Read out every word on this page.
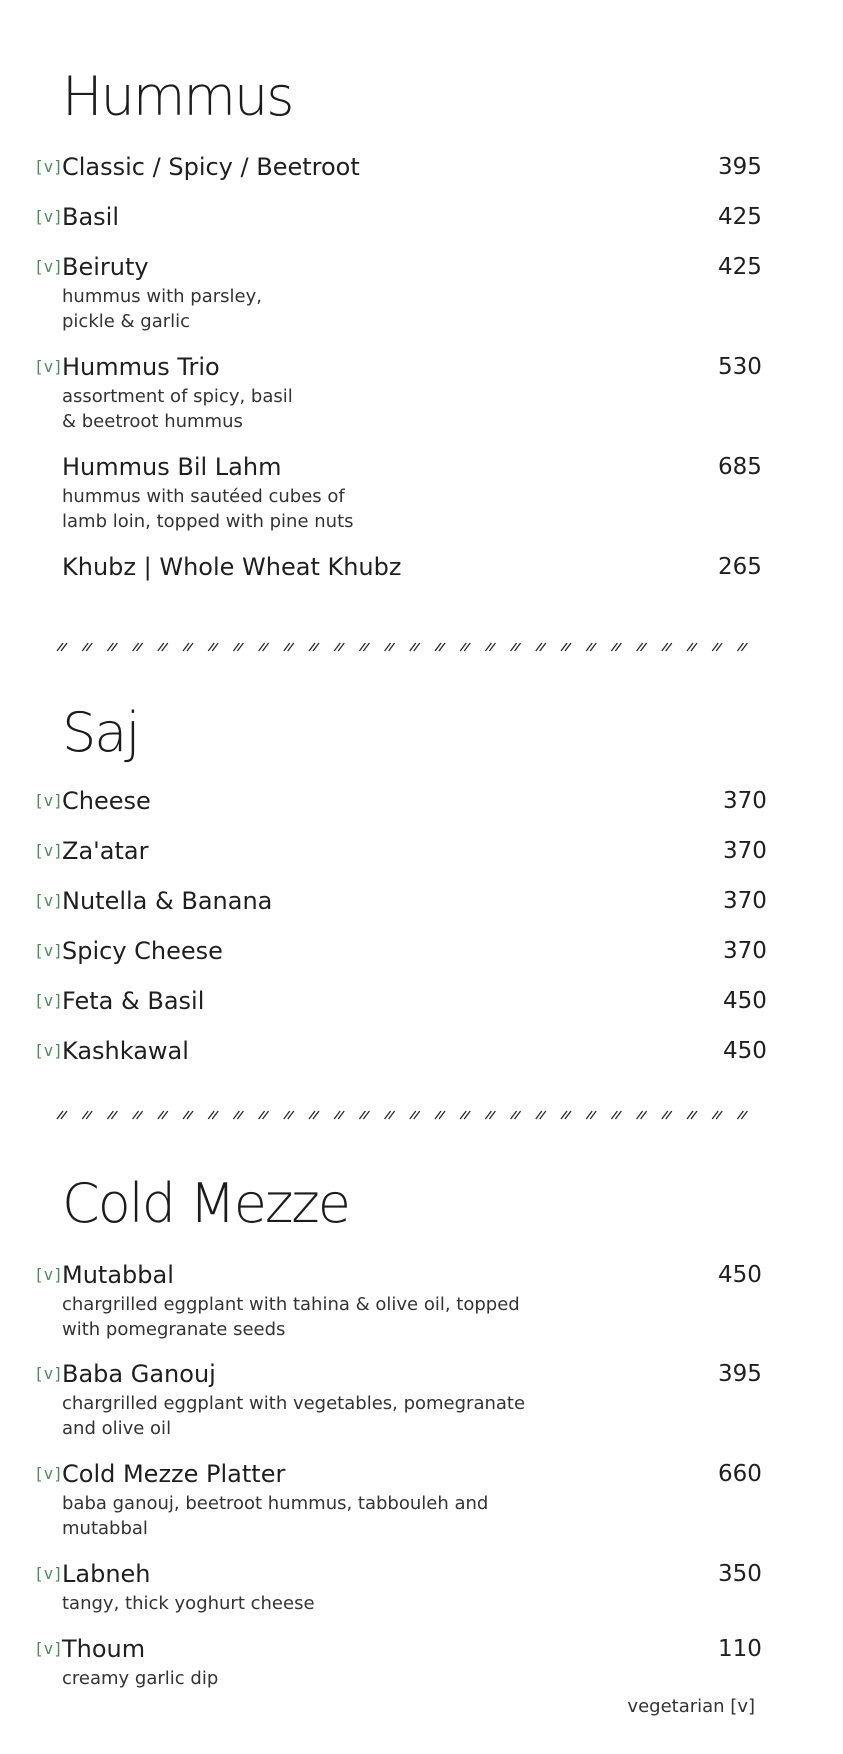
Hummus
[v] Classic / Spicy / Beetroot	395
[v] Basil	425
[v] Beiruty	425
hummus with parsley,
pickle & garlic
[v] Hummus Trio	530
assortment of spicy, basil
& beetroot hummus
Hummus Bil Lahm	685
hummus with sautéed cubes of
lamb loin, topped with pine nuts
Khubz | Whole Wheat Khubz	265
Saj
[v] Cheese	370
[v] Za'atar	370
[v] Nutella & Banana	370
[v] Spicy Cheese	370
[v] Feta & Basil	450
[v] Kashkawal	450
Cold Mezze
[v] Mutabbal	450
chargrilled eggplant with tahina & olive oil, topped
with pomegranate seeds
[v] Baba Ganouj	395
chargrilled eggplant with vegetables, pomegranate
and olive oil
[v] Cold Mezze Platter	660
baba ganouj, beetroot hummus, tabbouleh and
mutabbal
[v] Labneh	350
tangy, thick yoghurt cheese
[v] Thoum	110
creamy garlic dip
vegetarian [v]
